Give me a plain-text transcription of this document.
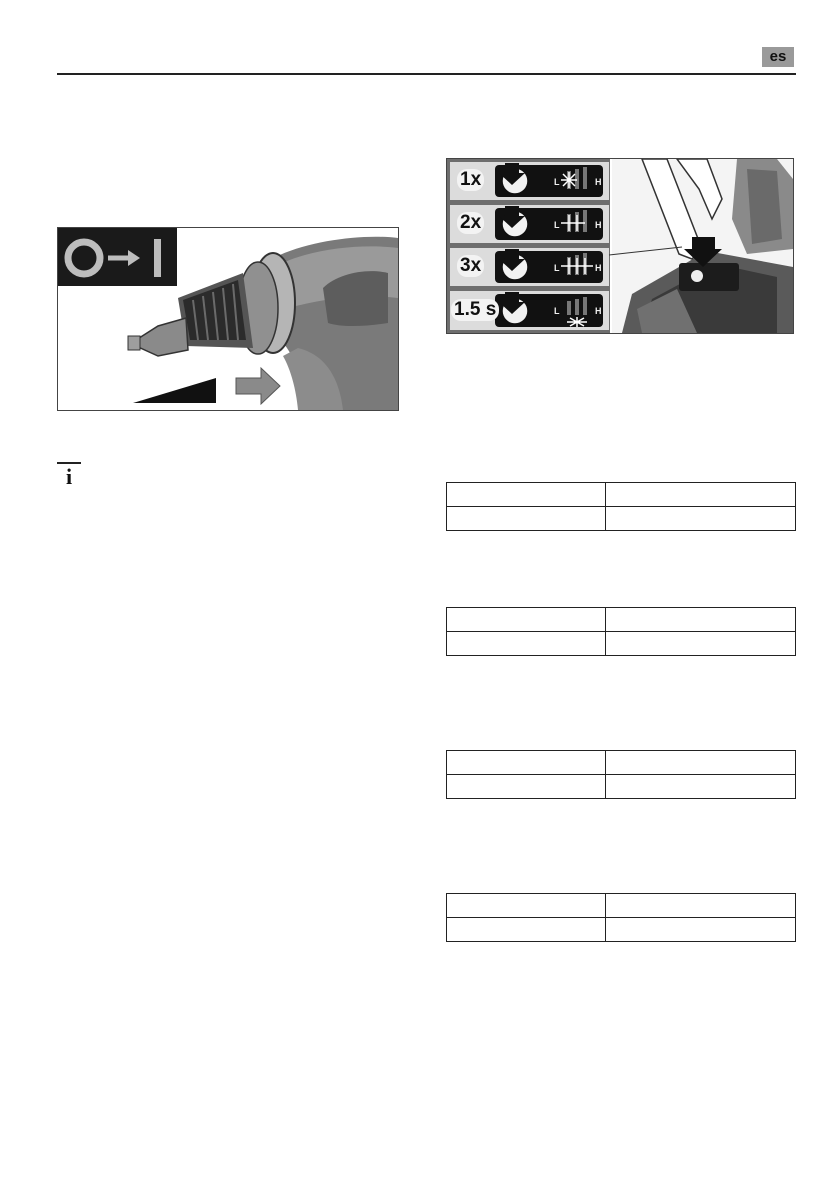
es
i
L	H
L	H
L	H
L	H
1x
2x
3x
1.5 s
